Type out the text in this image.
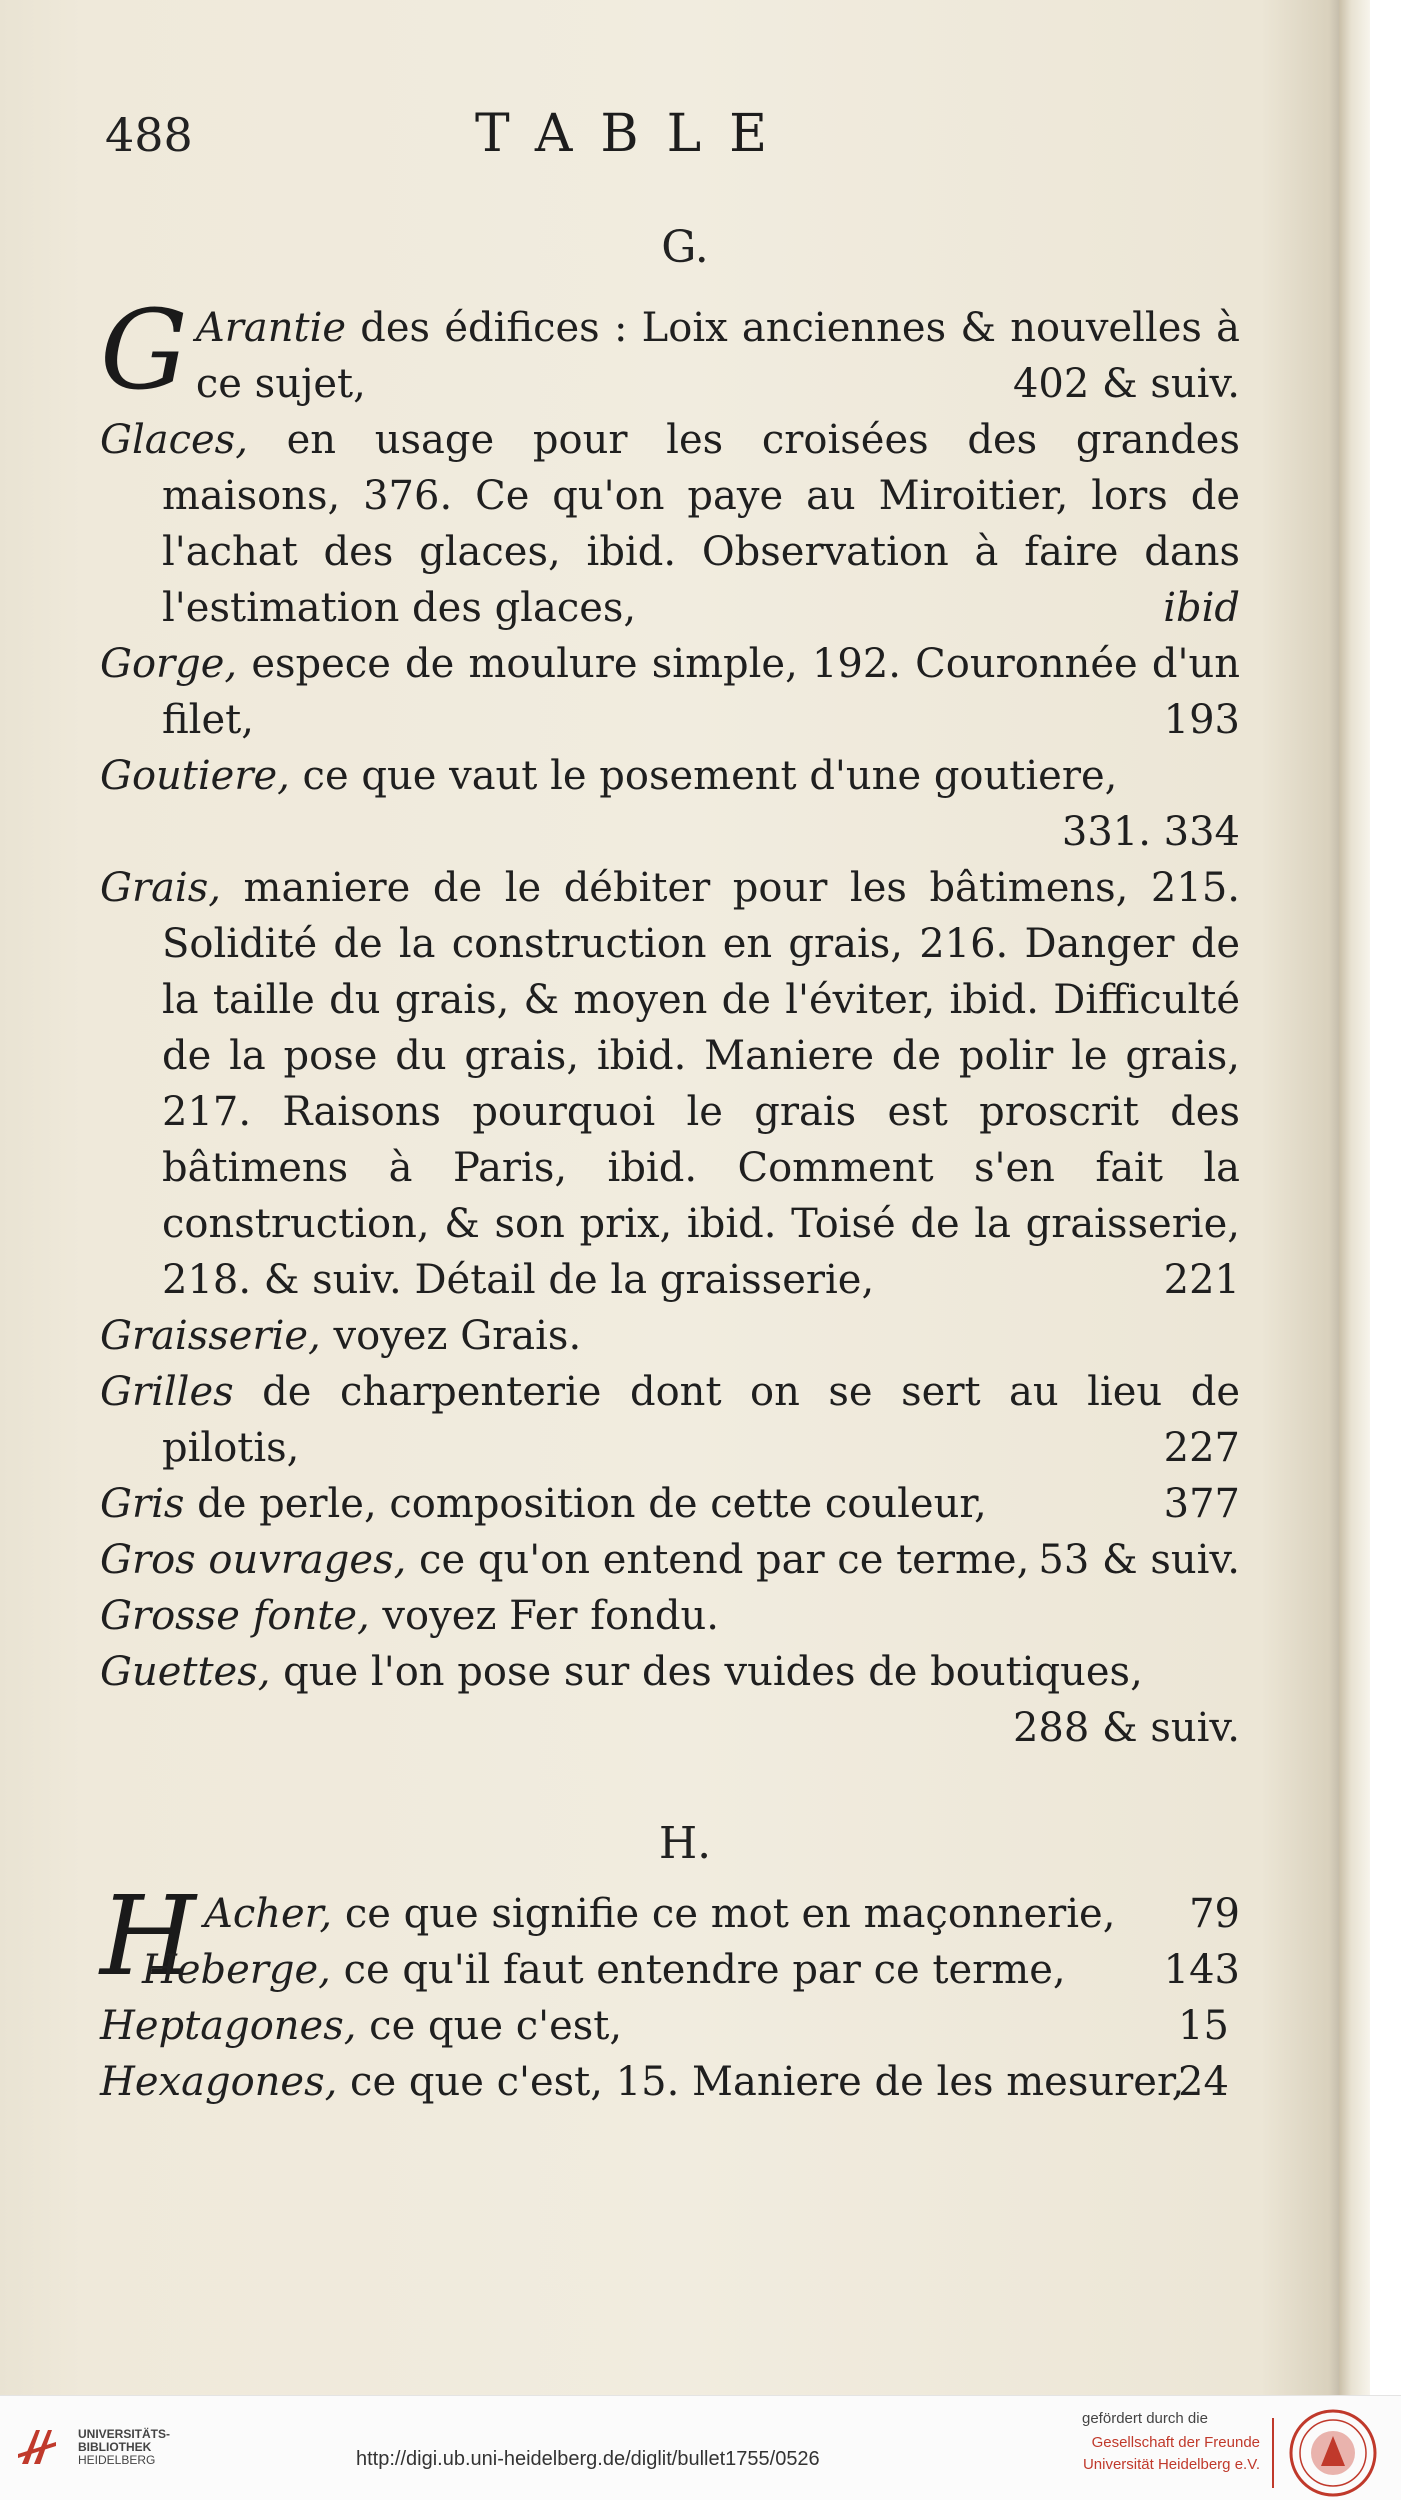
488	TABLE
G.

G Arantie des édifices : Loix anciennes & nouvelles à ce sujet,	402 & suiv.

Glaces, en usage pour les croisées des grandes maisons, 376. Ce qu'on paye au Miroitier, lors de l'achat des glaces, ibid. Observation à faire dans l'estimation des glaces,	ibid

Gorge, espece de moulure simple, 192. Couronnée d'un filet,	193

Goutiere, ce que vaut le posement d'une goutiere,
331. 334

Grais, maniere de le débiter pour les bâtimens, 215. Solidité de la construction en grais, 216. Danger de la taille du grais, & moyen de l'éviter, ibid. Difficulté de la pose du grais, ibid. Maniere de polir le grais, 217. Raisons pourquoi le grais est proscrit des bâtimens à Paris, ibid. Comment s'en fait la construction, & son prix, ibid. Toisé de la graisserie, 218. & suiv. Détail de la graisserie,	221

Graisserie, voyez Grais.

Grilles de charpenterie dont on se sert au lieu de pilotis,	227

Gris de perle, composition de cette couleur,	377

Gros ouvrages, ce qu'on entend par ce terme, 53 & suiv.

Grosse fonte, voyez Fer fondu.

Guettes, que l'on pose sur des vuides de boutiques,
288 & suiv.

H.

H Acher, ce que signifie ce mot en maçonnerie, 79

Heberge, ce qu'il faut entendre par ce terme, 143

Heptagones, ce que c'est,	15

Hexagones, ce que c'est, 15. Maniere de les mesurer,
24

UNIVERSITÄTS-
BIBLIOTHEK
HEIDELBERG	http://digi.ub.uni-heidelberg.de/diglit/bullet1755/0526
gefördert durch die
Gesellschaft der Freunde
Universität Heidelberg e.V.
